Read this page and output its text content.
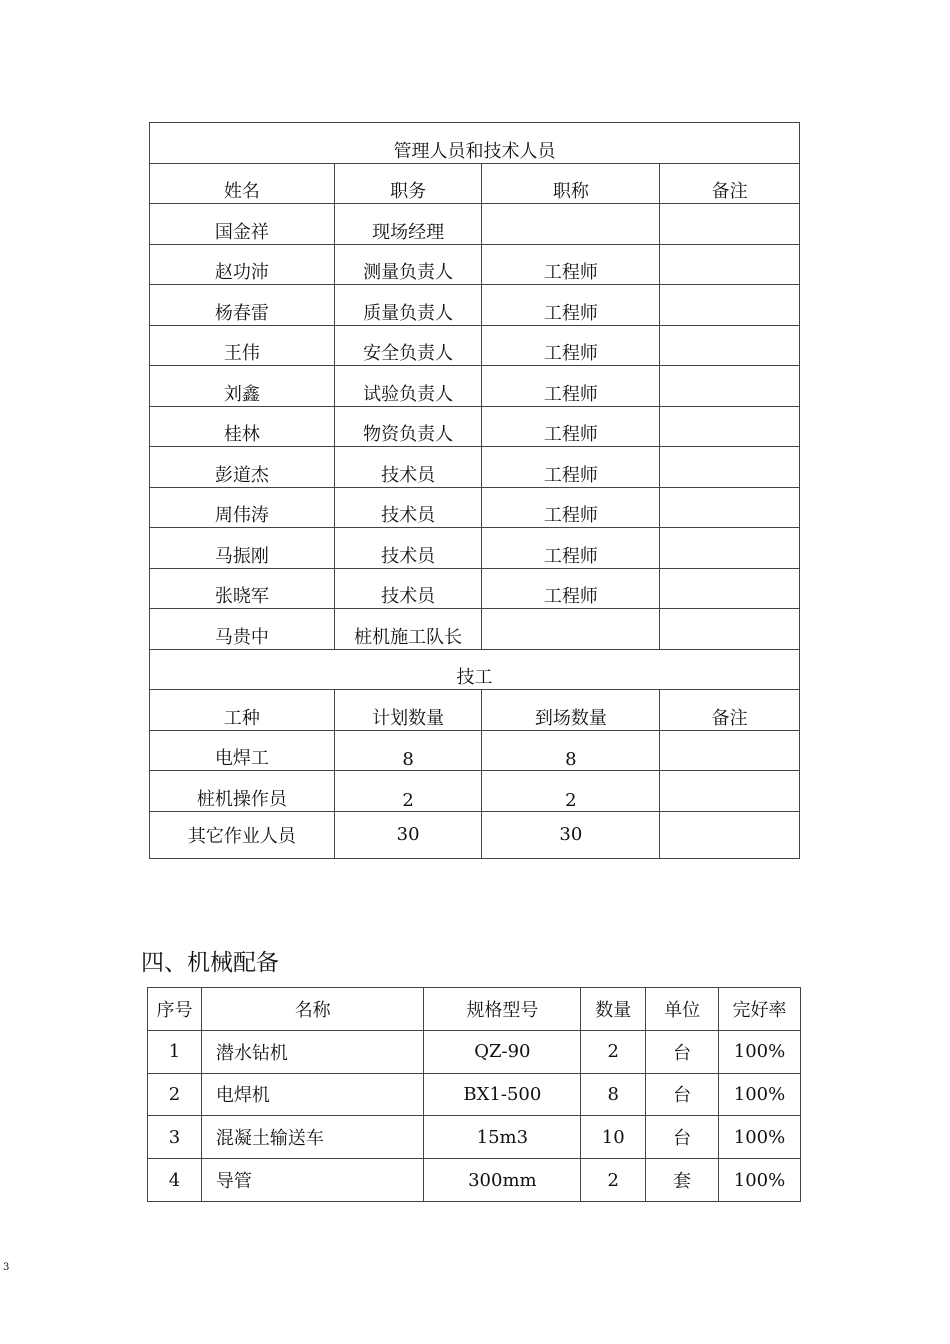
管理人员和技术人员			
姓名	职务	职称	备注
国金祥	现场经理		
赵功沛	测量负责人	工程师	
杨春雷	质量负责人	工程师	
王伟	安全负责人	工程师	
刘鑫	试验负责人	工程师	
桂林	物资负责人	工程师	
彭道杰	技术员	工程师	
周伟涛	技术员	工程师	
马振刚	技术员	工程师	
张晓军	技术员	工程师	
马贵中	桩机施工队长		
技工			
工种	计划数量	到场数量	备注
电焊工	8	8	
桩机操作员	2	2	
其它作业人员	30	30	
四、机械配备
序号	名称	规格型号	数量	单位	完好率
1	潜水钻机	QZ-90	2	台	100%
2	电焊机	BX1-500	8	台	100%
3	混凝土输送车	15m3	10	台	100%
4	导管	300mm	2	套	100%
3
